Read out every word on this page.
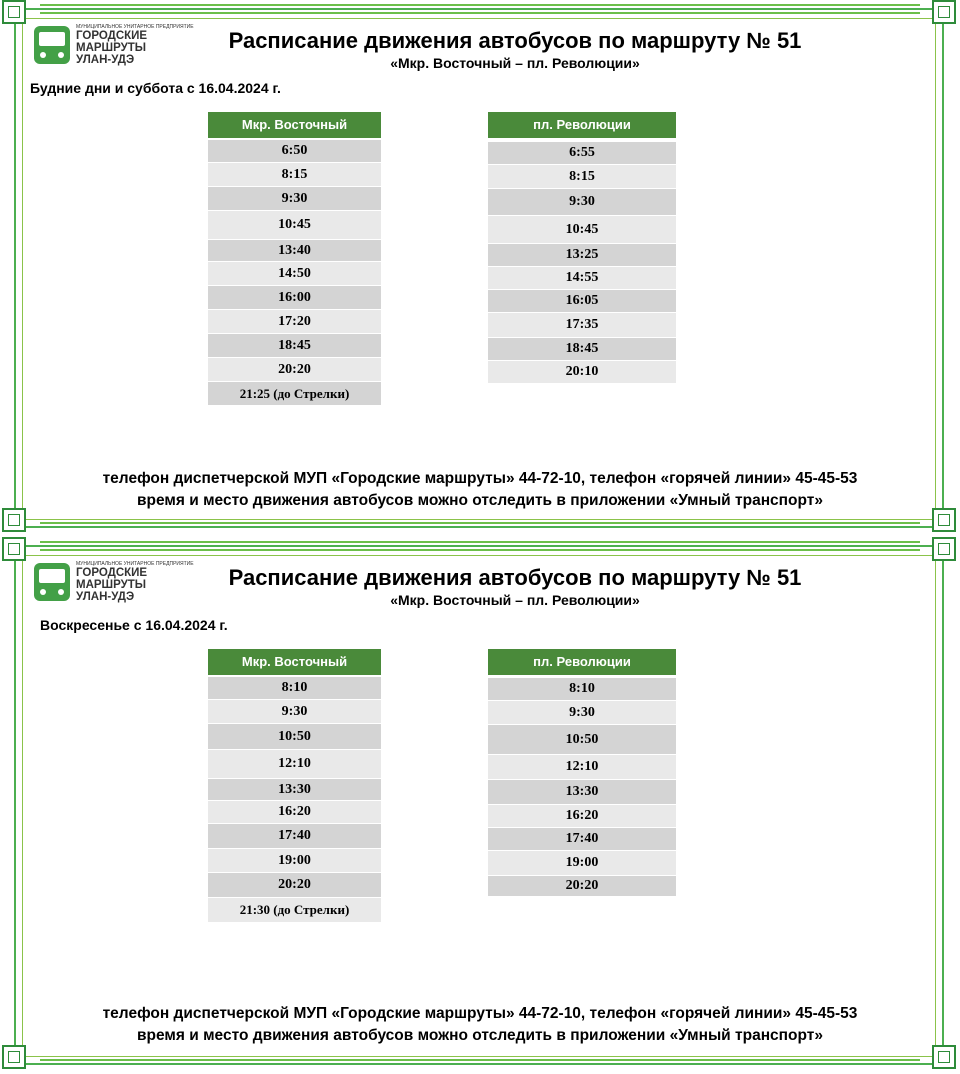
МУНИЦИПАЛЬНОЕ УНИТАРНОЕ ПРЕДПРИЯТИЕ
ГОРОДСКИЕ
МАРШРУТЫ
УЛАН-УДЭ
Расписание движения автобусов по маршруту № 51
«Мкр. Восточный – пл. Революции»
Будние дни и суббота с 16.04.2024 г.
Мкр. Восточный
6:50
8:15
9:30
10:45
13:40
14:50
16:00
17:20
18:45
20:20
21:25 (до Стрелки)
пл. Революции
6:55
8:15
9:30
10:45
13:25
14:55
16:05
17:35
18:45
20:10
телефон диспетчерской МУП «Городские маршруты» 44-72-10, телефон «горячей линии» 45-45-53
время и место движения автобусов можно отследить в приложении «Умный транспорт»
МУНИЦИПАЛЬНОЕ УНИТАРНОЕ ПРЕДПРИЯТИЕ
ГОРОДСКИЕ
МАРШРУТЫ
УЛАН-УДЭ
Расписание движения автобусов по маршруту № 51
«Мкр. Восточный – пл. Революции»
Воскресенье с 16.04.2024 г.
Мкр. Восточный
8:10
9:30
10:50
12:10
13:30
16:20
17:40
19:00
20:20
21:30 (до Стрелки)
пл. Революции
8:10
9:30
10:50
12:10
13:30
16:20
17:40
19:00
20:20
телефон диспетчерской МУП «Городские маршруты» 44-72-10, телефон «горячей линии» 45-45-53
время и место движения автобусов можно отследить в приложении «Умный транспорт»
